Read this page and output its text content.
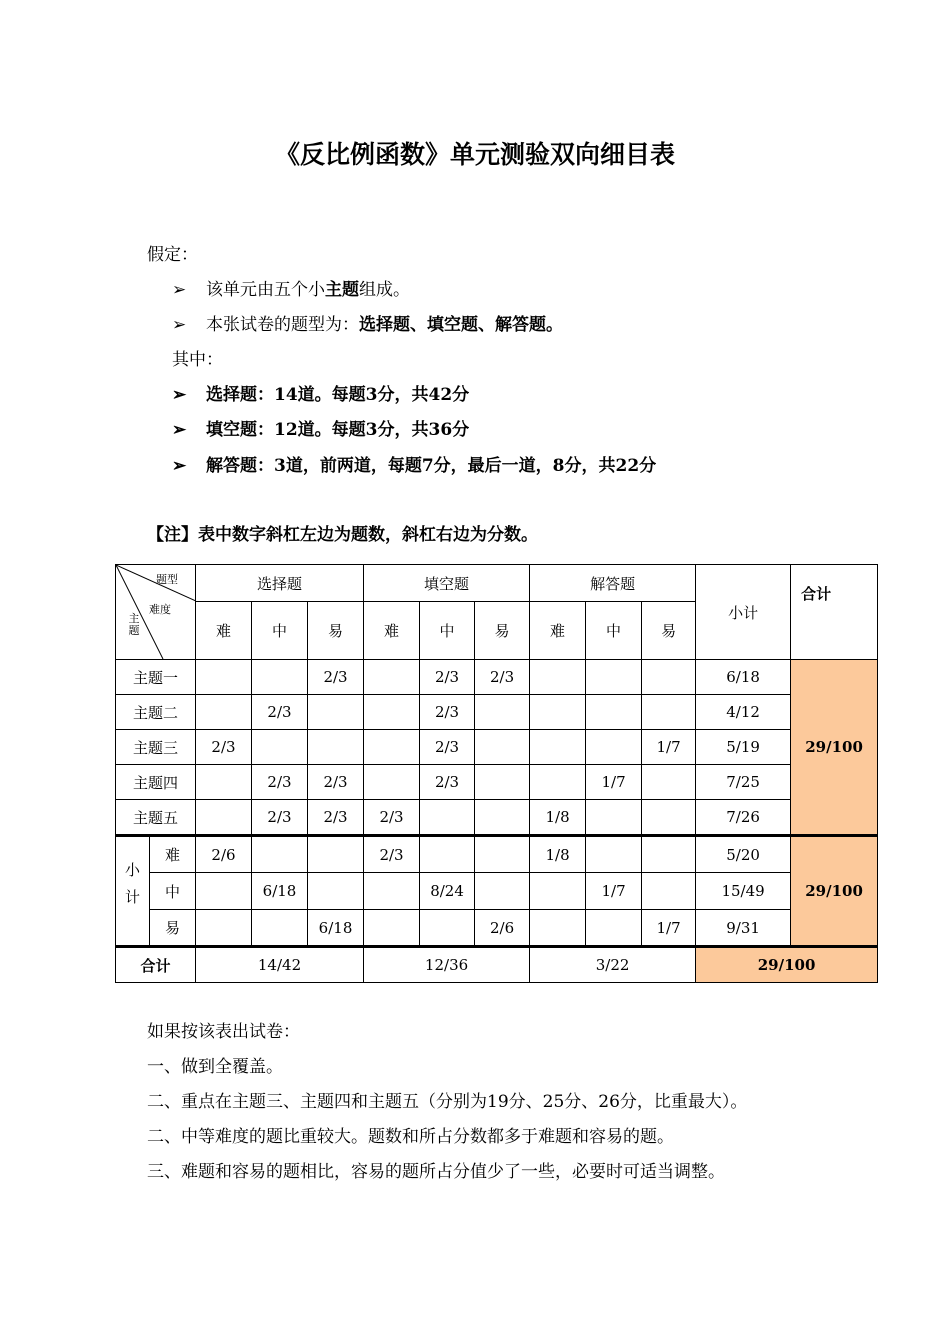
《反比例函数》单元测验双向细目表
假定：
➢ 该单元由五个小主题组成。
➢ 本张试卷的题型为：选择题、填空题、解答题。
其中：
➢ 选择题：14道。每题3分，共42分
➢ 填空题：12道。每题3分，共36分
➢ 解答题：3道，前两道，每题7分，最后一道，8分，共22分
【注】表中数字斜杠左边为题数，斜杠右边为分数。
题型
难度
主题		选择题			填空题			解答题			小计	合计
		难	中	易	难	中	易	难	中	易		
主题一				2/3		2/3	2/3				6/18	29/100
主题二			2/3			2/3					4/12	
主题三		2/3				2/3				1/7	5/19	
主题四			2/3	2/3		2/3			1/7		7/25	
主题五			2/3	2/3	2/3			1/8			7/26	
小计	难	2/6			2/3			1/8			5/20	29/100
	中		6/18			8/24			1/7		15/49	
	易			6/18			2/6			1/7	9/31	
合计		14/42			12/36			3/22			29/100	
如果按该表出试卷：
一、做到全覆盖。
二、重点在主题三、主题四和主题五（分别为19分、25分、26分，比重最大）。
二、中等难度的题比重较大。题数和所占分数都多于难题和容易的题。
三、难题和容易的题相比，容易的题所占分值少了一些，必要时可适当调整。
